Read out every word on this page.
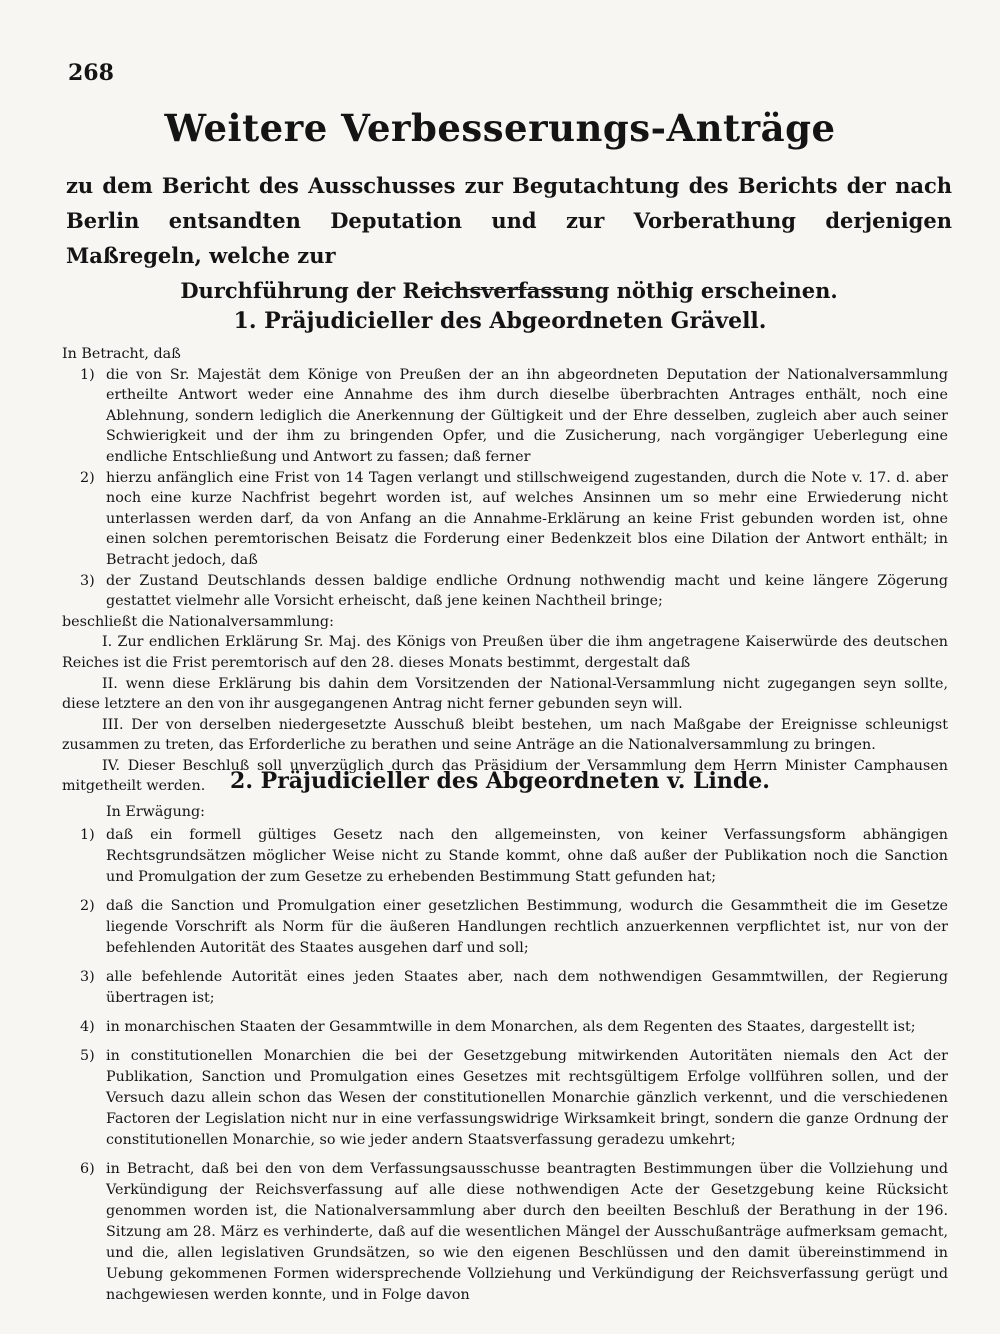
268
Weitere Verbesserungs-Anträge
zu dem Bericht des Ausschusses zur Begutachtung des Berichts der nach Berlin entsandten Deputation und zur Vorberathung derjenigen Maßregeln, welche zur
Durchführung der Reichsverfassung nöthig erscheinen.
1. Präjudicieller des Abgeordneten Grävell.

In Betracht, daß

1) die von Sr. Majestät dem Könige von Preußen der an ihn abgeordneten Deputation der Nationalversammlung ertheilte Antwort weder eine Annahme des ihm durch dieselbe überbrachten Antrages enthält, noch eine Ablehnung, sondern lediglich die Anerkennung der Gültigkeit und der Ehre desselben, zugleich aber auch seiner Schwierigkeit und der ihm zu bringenden Opfer, und die Zusicherung, nach vorgängiger Ueberlegung eine endliche Entschließung und Antwort zu fassen; daß ferner

2) hierzu anfänglich eine Frist von 14 Tagen verlangt und stillschweigend zugestanden, durch die Note v. 17. d. aber noch eine kurze Nachfrist begehrt worden ist, auf welches Ansinnen um so mehr eine Erwiederung nicht unterlassen werden darf, da von Anfang an die Annahme-Erklärung an keine Frist gebunden worden ist, ohne einen solchen peremtorischen Beisatz die Forderung einer Bedenkzeit blos eine Dilation der Antwort enthält; in Betracht jedoch, daß

3) der Zustand Deutschlands dessen baldige endliche Ordnung nothwendig macht und keine längere Zögerung gestattet vielmehr alle Vorsicht erheischt, daß jene keinen Nachtheil bringe;

beschließt die Nationalversammlung:

I. Zur endlichen Erklärung Sr. Maj. des Königs von Preußen über die ihm angetragene Kaiserwürde des deutschen Reiches ist die Frist peremtorisch auf den 28. dieses Monats bestimmt, dergestalt daß

II. wenn diese Erklärung bis dahin dem Vorsitzenden der National-Versammlung nicht zugegangen seyn sollte, diese letztere an den von ihr ausgegangenen Antrag nicht ferner gebunden seyn will.

III. Der von derselben niedergesetzte Ausschuß bleibt bestehen, um nach Maßgabe der Ereignisse schleunigst zusammen zu treten, das Erforderliche zu berathen und seine Anträge an die Nationalversammlung zu bringen.

IV. Dieser Beschluß soll unverzüglich durch das Präsidium der Versammlung dem Herrn Minister Camphausen mitgetheilt werden.	2. Präjudicieller des Abgeordneten v. Linde.

In Erwägung:

1) daß ein formell gültiges Gesetz nach den allgemeinsten, von keiner Verfassungsform abhängigen Rechtsgrundsätzen möglicher Weise nicht zu Stande kommt, ohne daß außer der Publikation noch die Sanction und Promulgation der zum Gesetze zu erhebenden Bestimmung Statt gefunden hat;

2) daß die Sanction und Promulgation einer gesetzlichen Bestimmung, wodurch die Gesammtheit die im Gesetze liegende Vorschrift als Norm für die äußeren Handlungen rechtlich anzuerkennen verpflichtet ist, nur von der befehlenden Autorität des Staates ausgehen darf und soll;

3) alle befehlende Autorität eines jeden Staates aber, nach dem nothwendigen Gesammtwillen, der Regierung übertragen ist;

4) in monarchischen Staaten der Gesammtwille in dem Monarchen, als dem Regenten des Staates, dargestellt ist;

5) in constitutionellen Monarchien die bei der Gesetzgebung mitwirkenden Autoritäten niemals den Act der Publikation, Sanction und Promulgation eines Gesetzes mit rechtsgültigem Erfolge vollführen sollen, und der Versuch dazu allein schon das Wesen der constitutionellen Monarchie gänzlich verkennt, und die verschiedenen Factoren der Legislation nicht nur in eine verfassungswidrige Wirksamkeit bringt, sondern die ganze Ordnung der constitutionellen Monarchie, so wie jeder andern Staatsverfassung geradezu umkehrt;

6) in Betracht, daß bei den von dem Verfassungsausschusse beantragten Bestimmungen über die Vollziehung und Verkündigung der Reichsverfassung auf alle diese nothwendigen Acte der Gesetzgebung keine Rücksicht genommen worden ist, die Nationalversammlung aber durch den beeilten Beschluß der Berathung in der 196. Sitzung am 28. März es verhinderte, daß auf die wesentlichen Mängel der Ausschußanträge aufmerksam gemacht, und die, allen legislativen Grundsätzen, so wie den eigenen Beschlüssen und den damit übereinstimmend in Uebung gekommenen Formen widersprechende Vollziehung und Verkündigung der Reichsverfassung gerügt und nachgewiesen werden konnte, und in Folge davon
